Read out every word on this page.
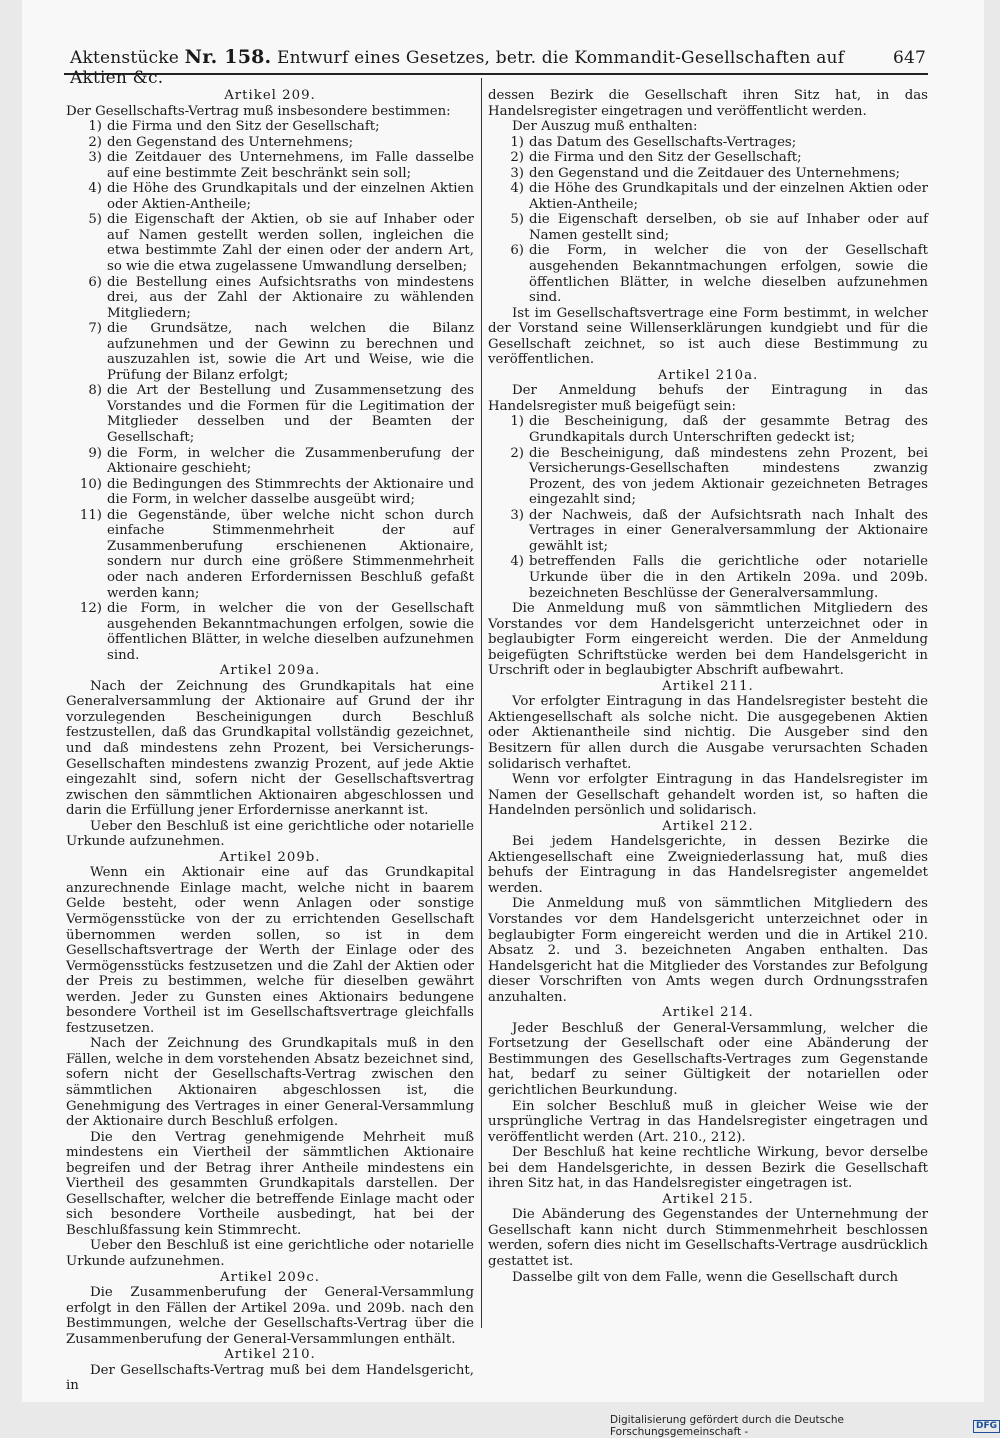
Aktenstücke Nr. 158. Entwurf eines Gesetzes, betr. die Kommandit-Gesellschaften auf Aktien &c.
647
Artikel 209.

Der Gesellschafts-Vertrag muß insbesondere bestimmen:

1) die Firma und den Sitz der Gesellschaft;
2) den Gegenstand des Unternehmens;
3) die Zeitdauer des Unternehmens, im Falle dasselbe auf eine bestimmte Zeit beschränkt sein soll;
4) die Höhe des Grundkapitals und der einzelnen Aktien oder Aktien-Antheile;
5) die Eigenschaft der Aktien, ob sie auf Inhaber oder auf Namen gestellt werden sollen, ingleichen die etwa bestimmte Zahl der einen oder der andern Art, so wie die etwa zugelassene Umwandlung derselben;
6) die Bestellung eines Aufsichtsraths von mindestens drei, aus der Zahl der Aktionaire zu wählenden Mitgliedern;
7) die Grundsätze, nach welchen die Bilanz aufzunehmen und der Gewinn zu berechnen und auszuzahlen ist, sowie die Art und Weise, wie die Prüfung der Bilanz erfolgt;
8) die Art der Bestellung und Zusammensetzung des Vorstandes und die Formen für die Legitimation der Mitglieder desselben und der Beamten der Gesellschaft;
9) die Form, in welcher die Zusammenberufung der Aktionaire geschieht;
10) die Bedingungen des Stimmrechts der Aktionaire und die Form, in welcher dasselbe ausgeübt wird;
11) die Gegenstände, über welche nicht schon durch einfache Stimmenmehrheit der auf Zusammenberufung erschienenen Aktionaire, sondern nur durch eine größere Stimmenmehrheit oder nach anderen Erfordernissen Beschluß gefaßt werden kann;
12) die Form, in welcher die von der Gesellschaft ausgehenden Bekanntmachungen erfolgen, sowie die öffentlichen Blätter, in welche dieselben aufzunehmen sind.
Artikel 209a.

Nach der Zeichnung des Grundkapitals hat eine Generalversammlung der Aktionaire auf Grund der ihr vorzulegenden Bescheinigungen durch Beschluß festzustellen, daß das Grundkapital vollständig gezeichnet, und daß mindestens zehn Prozent, bei Versicherungs-Gesellschaften mindestens zwanzig Prozent, auf jede Aktie eingezahlt sind, sofern nicht der Gesellschaftsvertrag zwischen den sämmtlichen Aktionairen abgeschlossen und darin die Erfüllung jener Erfordernisse anerkannt ist.

Ueber den Beschluß ist eine gerichtliche oder notarielle Urkunde aufzunehmen.

Artikel 209b.

Wenn ein Aktionair eine auf das Grundkapital anzurechnende Einlage macht, welche nicht in baarem Gelde besteht, oder wenn Anlagen oder sonstige Vermögensstücke von der zu errichtenden Gesellschaft übernommen werden sollen, so ist in dem Gesellschaftsvertrage der Werth der Einlage oder des Vermögensstücks festzusetzen und die Zahl der Aktien oder der Preis zu bestimmen, welche für dieselben gewährt werden. Jeder zu Gunsten eines Aktionairs bedungene besondere Vortheil ist im Gesellschaftsvertrage gleichfalls festzusetzen.

Nach der Zeichnung des Grundkapitals muß in den Fällen, welche in dem vorstehenden Absatz bezeichnet sind, sofern nicht der Gesellschafts-Vertrag zwischen den sämmtlichen Aktionairen abgeschlossen ist, die Genehmigung des Vertrages in einer General-Versammlung der Aktionaire durch Beschluß erfolgen.

Die den Vertrag genehmigende Mehrheit muß mindestens ein Viertheil der sämmtlichen Aktionaire begreifen und der Betrag ihrer Antheile mindestens ein Viertheil des gesammten Grundkapitals darstellen. Der Gesellschafter, welcher die betreffende Einlage macht oder sich besondere Vortheile ausbedingt, hat bei der Beschlußfassung kein Stimmrecht.

Ueber den Beschluß ist eine gerichtliche oder notarielle Urkunde aufzunehmen.

Artikel 209c.

Die Zusammenberufung der General-Versammlung erfolgt in den Fällen der Artikel 209a. und 209b. nach den Bestimmungen, welche der Gesellschafts-Vertrag über die Zusammenberufung der General-Versammlungen enthält.

Artikel 210.

Der Gesellschafts-Vertrag muß bei dem Handelsgericht, in

dessen Bezirk die Gesellschaft ihren Sitz hat, in das Handelsregister eingetragen und veröffentlicht werden.

Der Auszug muß enthalten:

1) das Datum des Gesellschafts-Vertrages;
2) die Firma und den Sitz der Gesellschaft;
3) den Gegenstand und die Zeitdauer des Unternehmens;
4) die Höhe des Grundkapitals und der einzelnen Aktien oder Aktien-Antheile;
5) die Eigenschaft derselben, ob sie auf Inhaber oder auf Namen gestellt sind;
6) die Form, in welcher die von der Gesellschaft ausgehenden Bekanntmachungen erfolgen, sowie die öffentlichen Blätter, in welche dieselben aufzunehmen sind.

Ist im Gesellschaftsvertrage eine Form bestimmt, in welcher der Vorstand seine Willenserklärungen kundgiebt und für die Gesellschaft zeichnet, so ist auch diese Bestimmung zu veröffentlichen.

Artikel 210a.

Der Anmeldung behufs der Eintragung in das Handelsregister muß beigefügt sein:

1) die Bescheinigung, daß der gesammte Betrag des Grundkapitals durch Unterschriften gedeckt ist;
2) die Bescheinigung, daß mindestens zehn Prozent, bei Versicherungs-Gesellschaften mindestens zwanzig Prozent, des von jedem Aktionair gezeichneten Betrages eingezahlt sind;
3) der Nachweis, daß der Aufsichtsrath nach Inhalt des Vertrages in einer Generalversammlung der Aktionaire gewählt ist;
4) betreffenden Falls die gerichtliche oder notarielle Urkunde über die in den Artikeln 209a. und 209b. bezeichneten Beschlüsse der Generalversammlung.

Die Anmeldung muß von sämmtlichen Mitgliedern des Vorstandes vor dem Handelsgericht unterzeichnet oder in beglaubigter Form eingereicht werden. Die der Anmeldung beigefügten Schriftstücke werden bei dem Handelsgericht in Urschrift oder in beglaubigter Abschrift aufbewahrt.

Artikel 211.

Vor erfolgter Eintragung in das Handelsregister besteht die Aktiengesellschaft als solche nicht. Die ausgegebenen Aktien oder Aktienantheile sind nichtig. Die Ausgeber sind den Besitzern für allen durch die Ausgabe verursachten Schaden solidarisch verhaftet.

Wenn vor erfolgter Eintragung in das Handelsregister im Namen der Gesellschaft gehandelt worden ist, so haften die Handelnden persönlich und solidarisch.

Artikel 212.

Bei jedem Handelsgerichte, in dessen Bezirke die Aktiengesellschaft eine Zweigniederlassung hat, muß dies behufs der Eintragung in das Handelsregister angemeldet werden.

Die Anmeldung muß von sämmtlichen Mitgliedern des Vorstandes vor dem Handelsgericht unterzeichnet oder in beglaubigter Form eingereicht werden und die in Artikel 210. Absatz 2. und 3. bezeichneten Angaben enthalten. Das Handelsgericht hat die Mitglieder des Vorstandes zur Befolgung dieser Vorschriften von Amts wegen durch Ordnungsstrafen anzuhalten.

Artikel 214.

Jeder Beschluß der General-Versammlung, welcher die Fortsetzung der Gesellschaft oder eine Abänderung der Bestimmungen des Gesellschafts-Vertrages zum Gegenstande hat, bedarf zu seiner Gültigkeit der notariellen oder gerichtlichen Beurkundung.

Ein solcher Beschluß muß in gleicher Weise wie der ursprüngliche Vertrag in das Handelsregister eingetragen und veröffentlicht werden (Art. 210., 212).

Der Beschluß hat keine rechtliche Wirkung, bevor derselbe bei dem Handelsgerichte, in dessen Bezirk die Gesellschaft ihren Sitz hat, in das Handelsregister eingetragen ist.

Artikel 215.

Die Abänderung des Gegenstandes der Unternehmung der Gesellschaft kann nicht durch Stimmenmehrheit beschlossen werden, sofern dies nicht im Gesellschafts-Vertrage ausdrücklich gestattet ist.

Dasselbe gilt von dem Falle, wenn die Gesellschaft durch

Digitalisierung gefördert durch die Deutsche Forschungsgemeinschaft -
DFG
